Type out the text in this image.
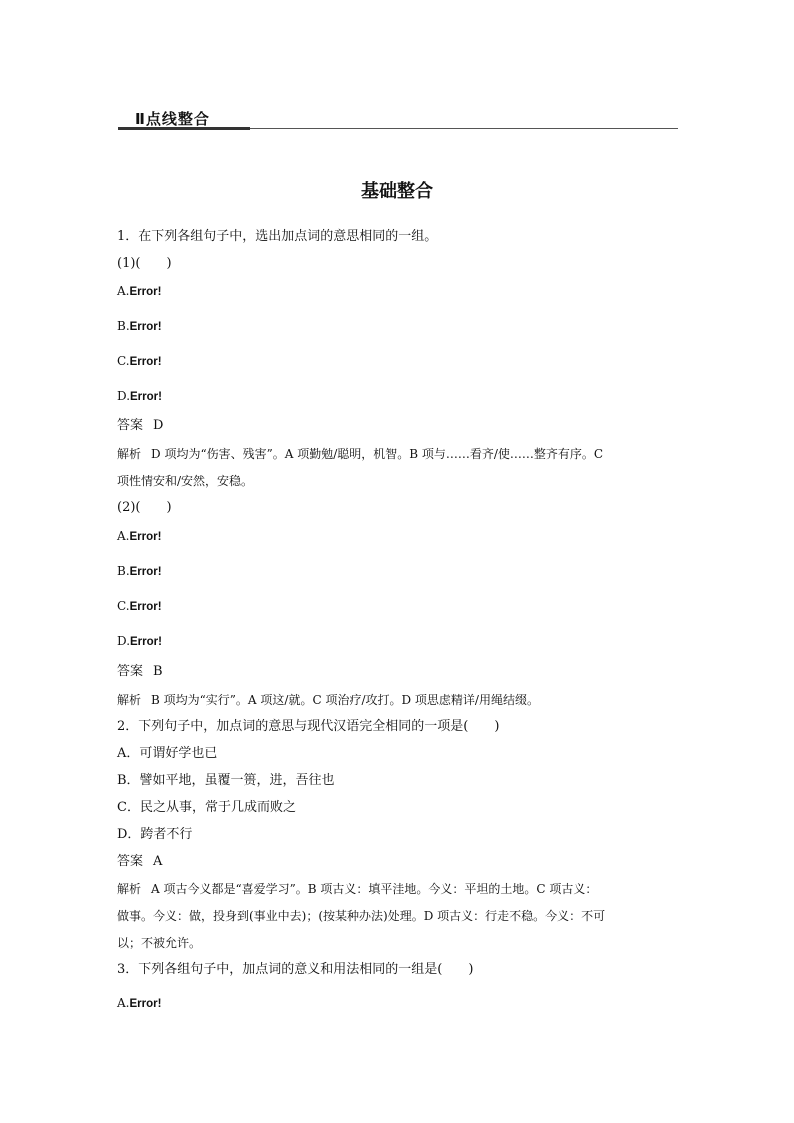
Ⅱ点线整合
基础整合
1．在下列各组句子中，选出加点词的意思相同的一组。
(1)(　　)
A.Error!
B.Error!
C.Error!
D.Error!
答案 D
解析 D 项均为“伤害、残害”。A 项勤勉/聪明，机智。B 项与……看齐/使……整齐有序。C
项性情安和/安然，安稳。
(2)(　　)
A.Error!
B.Error!
C.Error!
D.Error!
答案 B
解析 B 项均为“实行”。A 项这/就。C 项治疗/攻打。D 项思虑精详/用绳结缀。
2．下列句子中，加点词的意思与现代汉语完全相同的一项是(　　)
A．可谓好学也已
B．譬如平地，虽覆一篑，进，吾往也
C．民之从事，常于几成而败之
D．跨者不行
答案 A
解析 A 项古今义都是“喜爱学习”。B 项古义：填平洼地。今义：平坦的土地。C 项古义：
做事。今义：做，投身到(事业中去)；(按某种办法)处理。D 项古义：行走不稳。今义：不可
以；不被允许。
3．下列各组句子中，加点词的意义和用法相同的一组是(　　)
A.Error!
